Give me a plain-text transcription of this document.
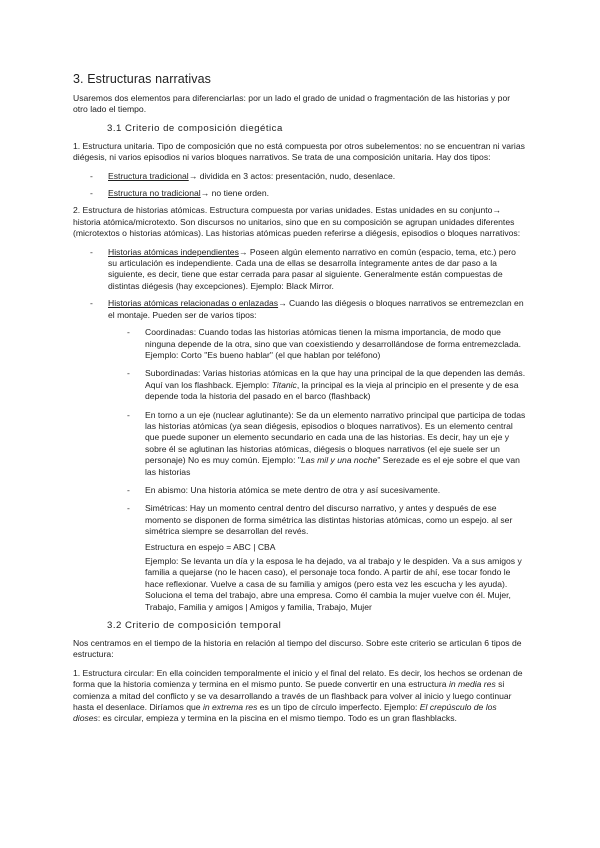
3. Estructuras narrativas

Usaremos dos elementos para diferenciarlas: por un lado el grado de unidad o fragmentación de las historias y por otro lado el tiempo.

3.1 Criterio de composición diegética

1. Estructura unitaria. Tipo de composición que no está compuesta por otros subelementos: no se encuentran ni varias diégesis, ni varios episodios ni varios bloques narrativos. Se trata de una composición unitaria. Hay dos tipos:

- Estructura tradicional→ dividida en 3 actos: presentación, nudo, desenlace.
- Estructura no tradicional→ no tiene orden.

2. Estructura de historias atómicas. Estructura compuesta por varias unidades. Estas unidades en su conjunto→ historia atómica/microtexto. Son discursos no unitarios, sino que en su composición se agrupan unidades diferentes (microtextos o historias atómicas). Las historias atómicas pueden referirse a diégesis, episodios o bloques narrativos:

- Historias atómicas independientes→ Poseen algún elemento narrativo en común (espacio, tema, etc.) pero su articulación es independiente. Cada una de ellas se desarrolla íntegramente antes de dar paso a la siguiente, es decir, tiene que estar cerrada para pasar al siguiente. Generalmente están compuestas de distintas diégesis (hay excepciones). Ejemplo: Black Mirror.
- Historias atómicas relacionadas o enlazadas→ Cuando las diégesis o bloques narrativos se entremezclan en el montaje. Pueden ser de varios tipos:
- Coordinadas: Cuando todas las historias atómicas tienen la misma importancia, de modo que ninguna depende de la otra, sino que van coexistiendo y desarrollándose de forma entremezclada. Ejemplo: Corto "Es bueno hablar" (el que hablan por teléfono)
- Subordinadas: Varias historias atómicas en la que hay una principal de la que dependen las demás. Aquí van los flashback. Ejemplo: Titanic, la principal es la vieja al principio en el presente y de esa depende toda la historia del pasado en el barco (flashback)
- En torno a un eje (nuclear aglutinante): Se da un elemento narrativo principal que participa de todas las historias atómicas (ya sean diégesis, episodios o bloques narrativos). Es un elemento central que puede suponer un elemento secundario en cada una de las historias. Es decir, hay un eje y sobre él se aglutinan las historias atómicas, diégesis o bloques narrativos (el eje suele ser un personaje) No es muy común. Ejemplo: "Las mil y una noche" Serezade es el eje sobre el que van las historias
- En abismo: Una historia atómica se mete dentro de otra y así sucesivamente.
- Simétricas: Hay un momento central dentro del discurso narrativo, y antes y después de ese momento se disponen de forma simétrica las distintas historias atómicas, como un espejo. al ser simétrica siempre se desarrollan del revés.
Estructura en espejo = ABC | CBA
Ejemplo: Se levanta un día y la esposa le ha dejado, va al trabajo y le despiden. Va a sus amigos y familia a quejarse (no le hacen caso), el personaje toca fondo. A partir de ahí, ese tocar fondo le hace reflexionar. Vuelve a casa de su familia y amigos (pero esta vez les escucha y les ayuda). Soluciona el tema del trabajo, abre una empresa. Como él cambia la mujer vuelve con él. Mujer, Trabajo, Familia y amigos | Amigos y familia, Trabajo, Mujer
3.2 Criterio de composición temporal

Nos centramos en el tiempo de la historia en relación al tiempo del discurso. Sobre este criterio se articulan 6 tipos de estructura:

1. Estructura circular: En ella coinciden temporalmente el inicio y el final del relato. Es decir, los hechos se ordenan de forma que la historia comienza y termina en el mismo punto. Se puede convertir en una estructura in media res si comienza a mitad del conflicto y se va desarrollando a través de un flashback para volver al inicio y luego continuar hasta el desenlace. Diríamos que in extrema res es un tipo de círculo imperfecto. Ejemplo: El crepúsculo de los dioses: es circular, empieza y termina en la piscina en el mismo tiempo. Todo es un gran flashblacks.
